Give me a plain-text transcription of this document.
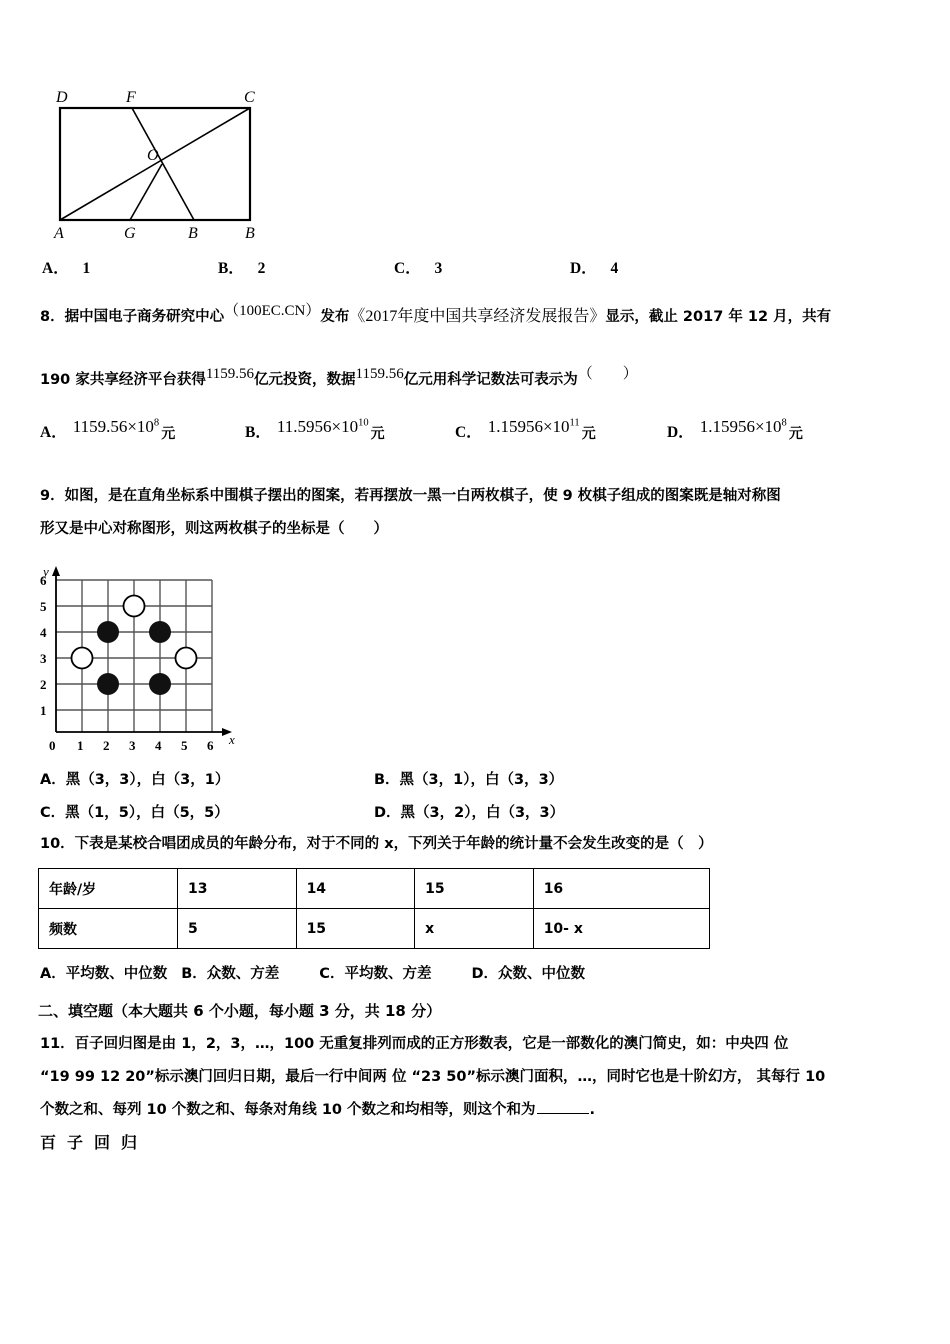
D	F	C
O
A	G	B	B
A． 1	B． 2	C． 3	D． 4
8．据中国电子商务研究中心（100EC.CN）发布《2017年度中国共享经济发展报告》显示，截止 2017 年 12 月，共有
190 家共享经济平台获得1159.56亿元投资，数据1159.56亿元用科学记数法可表示为（　　）
A． $1159.56\times 10^8$
元	B． $11.5956\times 10^{10}$
元	C． $1.15956\times 10^{11}$
元	D． $1.15956\times 10^8$
元
9．如图，是在直角坐标系中围棋子摆出的图案，若再摆放一黑一白两枚棋子，使 9 枚棋子组成的图案既是轴对称图
形又是中心对称图形，则这两枚棋子的坐标是（　　）
y
x
6
5
4
3
2
1
0 1 2 3 4 5 6
A．黑（3，3），白（3，1）	B．黑（3，1），白（3，3）
C．黑（1，5），白（5，5）	D．黑（3，2），白（3，3）
10．下表是某校合唱团成员的年龄分布，对于不同的 x，下列关于年龄的统计量不会发生改变的是（　）
年龄/岁	13	14	15	16
频数	5	15	x	10- x
A．平均数、中位数 B．众数、方差	C．平均数、方差	D．众数、中位数
二、填空题（本大题共 6 个小题，每小题 3 分，共 18 分）
11．百子回归图是由 1，2，3，…，100 无重复排列而成的正方形数表，它是一部数化的澳门简史，如：中央四 位
“19 99 12 20”标示澳门回归日期，最后一行中间两 位 “23 50”标示澳门面积，…，同时它也是十阶幻方， 其每行 10
个数之和、每列 10 个数之和、每条对角线 10 个数之和均相等，则这个和为	.
百子回归
